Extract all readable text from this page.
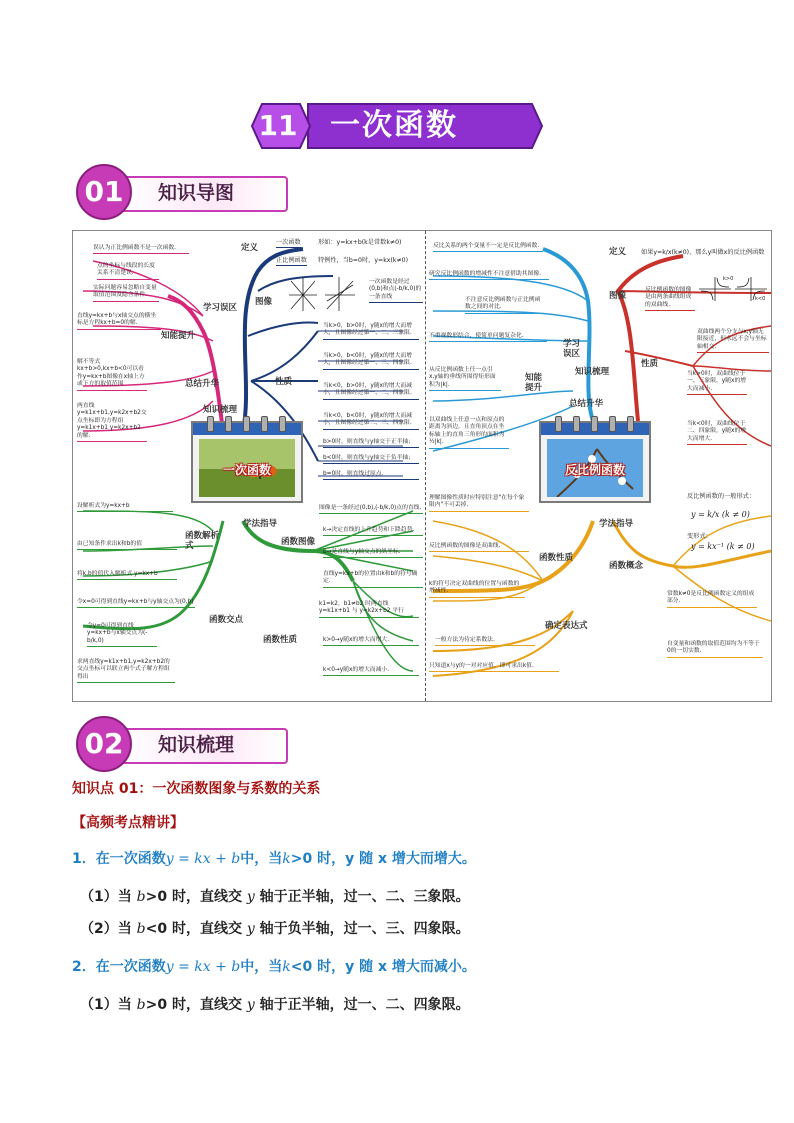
11 一次函数
01	知识导图
一次函数	反比例函数
知识梳理
总结升华
学法指导
学习误区
知能提升
定义
图像
性质
函数解析式
函数交点
函数图像
函数性质
一次函数	形如：y=kx+b(k是常数k≠0)
正比例函数 特例性，当b=0时，y=kx(k≠0)
一次函数是经过(0,b)和点(-b/k,0)的一条直线
当k>0，b>0时，y随x的增大而增大，且图像经过第一、二、三象限.
当k>0，b<0时，y随x的增大而增大，且图像经过第一、三、四象限.
当k<0，b>0时，y随x的增大而减小，且图像经过第一、二、四象限.
当k<0，b<0时，y随x的增大而减小，且图像经过第二、三、四象限.
b>0时，则直线与y轴交于正半轴；
b<0时，则直线与y轴交于负半轴；
b=0时，则直线过原点.
误认为正比例函数不是一次函数.
点的坐标与线段的长度关系不清楚误.
实际问题容易忽略自变量取值范围及隐含条件.
直线y=kx+b与x轴交点的横坐标是方程kx+b=0的解.
解不等式kx+b>0,kx+b<0可以看作y=kx+b图像在x轴上方或下方的取值范围
两直线y=k1x+b1,y=k2x+b2交点坐标即为方程组 y=k1x+b1 y=k2x+b2 的解.
设解析式为y=kx+b
由已知条件求出k和b的值
将k,b的值代入解析式 y=kx+b
令x=0可得到直线y=kx+b与y轴交点为(0,b)
令y=0可得到直线y=kx+b与x轴交点为(-b/k,0)
求两直线y=k1x+b1,y=k2x+b2的交点坐标可以联立两个式子解方程组得出
图像是一条经过(0,b),(-b/k,0)点的直线.
k→决定直线的上升趋势和下降趋势.
b→是直线与y轴交点的纵坐标.
直线y=kx+b的位置由k和b的符号确定.
k1=k2，b1≠b2 时两直线 y=k1x+b1 与 y=k2x+b2 平行
k>0→y随x的增大而增大.
k<0→y随x的增大而减小.
知识梳理
总结升华
学法指导
学习误区
知能提升
定义
图像
性质
函数性质
函数概念
确定表达式
如果y=k/x(k≠0)，那么y叫做x的反比例函数
反比例函数的图像是由两条曲线组成的双曲线.
k>0
k<0
双曲线两个分支与x,y轴无限接近，但永远不会与坐标轴相交.
当k>0时，双曲线位于一、三象限，y随x的增大而减小.
当k<0时，双曲线位于二、四象限，y随x的增大而增大.
反比关系的两个变量不一定是反比例函数.
研究反比例函数的增减性不注意借助其图像.
不注意反比例函数与正比例函数之间的对比.
不重视数形结合，使简单问题复杂化.
从反比例函数上任一点引x,y轴的垂线所围得矩形面积为|k|.
以双曲线上任意一点和原点的距离为斜边，且直角顶点在坐标轴上的直角三角形的面积为½|k|.
理解图像性质时应特别注意"在每个象限内"不可丢掉.
反比例函数的图像是双曲线.
k的符号决定双曲线的位置与函数的增减性.
反比例函数的一般形式：
y = k/x (k ≠ 0)
变形式：
y = kx⁻¹ (k ≠ 0)
常数k≠0是反比例函数定义的组成部分.
自变量和函数的取值范围均为不等于0的一切实数.
一般方法为待定系数法.
只知道x与y的一对对应值，即可求出k值.
02	知识梳理
知识点 01：一次函数图象与系数的关系
【高频考点精讲】
1．在一次函数y = kx + b中，当k>0 时，y 随 x 增大而增大。
（1）当 b>0 时，直线交 y 轴于正半轴，过一、二、三象限。
（2）当 b<0 时，直线交 y 轴于负半轴，过一、三、四象限。
2．在一次函数y = kx + b中，当k<0 时，y 随 x 增大而减小。
（1）当 b>0 时，直线交 y 轴于正半轴，过一、二、四象限。
